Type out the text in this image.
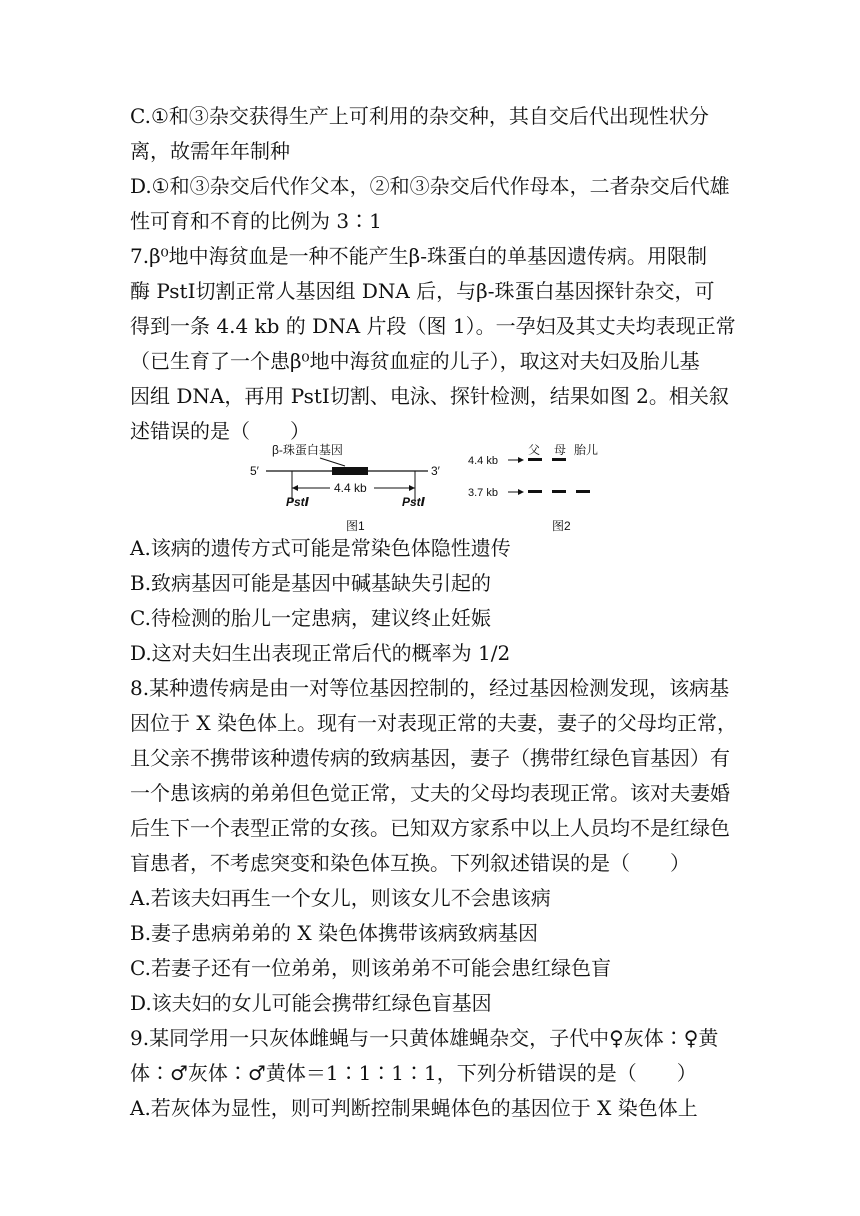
C.①和③杂交获得生产上可利用的杂交种，其自交后代出现性状分
离，故需年年制种
D.①和③杂交后代作父本，②和③杂交后代作母本，二者杂交后代雄
性可育和不育的比例为 3∶1
7.β⁰地中海贫血是一种不能产生β-珠蛋白的单基因遗传病。用限制
酶 PstⅠ切割正常人基因组 DNA 后，与β-珠蛋白基因探针杂交，可
得到一条 4.4 kb 的 DNA 片段（图 1）。一孕妇及其丈夫均表现正常
（已生育了一个患β⁰地中海贫血症的儿子），取这对夫妇及胎儿基
因组 DNA，再用 PstⅠ切割、电泳、探针检测，结果如图 2。相关叙
述错误的是（　　）
β-珠蛋白基因
5′	3′
4.4 kb
PstⅠ	PstⅠ
图1
4.4 kb
父 母 胎儿
3.7 kb
图2
A.该病的遗传方式可能是常染色体隐性遗传
B.致病基因可能是基因中碱基缺失引起的
C.待检测的胎儿一定患病，建议终止妊娠
D.这对夫妇生出表现正常后代的概率为 1/2
8.某种遗传病是由一对等位基因控制的，经过基因检测发现，该病基
因位于 X 染色体上。现有一对表现正常的夫妻，妻子的父母均正常，
且父亲不携带该种遗传病的致病基因，妻子（携带红绿色盲基因）有
一个患该病的弟弟但色觉正常，丈夫的父母均表现正常。该对夫妻婚
后生下一个表型正常的女孩。已知双方家系中以上人员均不是红绿色
盲患者，不考虑突变和染色体互换。下列叙述错误的是（　　）
A.若该夫妇再生一个女儿，则该女儿不会患该病
B.妻子患病弟弟的 X 染色体携带该病致病基因
C.若妻子还有一位弟弟，则该弟弟不可能会患红绿色盲
D.该夫妇的女儿可能会携带红绿色盲基因
9.某同学用一只灰体雌蝇与一只黄体雄蝇杂交，子代中♀灰体∶♀黄
体∶♂灰体∶♂黄体＝1∶1∶1∶1，下列分析错误的是（　　）
A.若灰体为显性，则可判断控制果蝇体色的基因位于 X 染色体上
